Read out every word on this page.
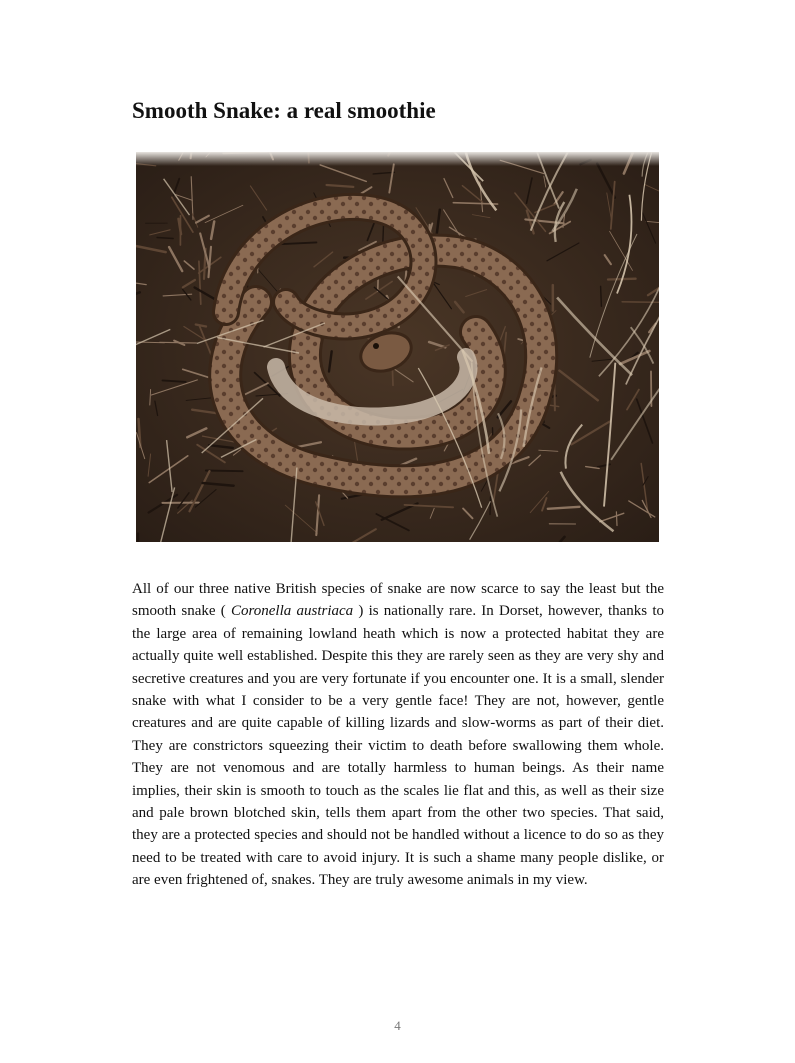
Smooth Snake: a real smoothie

All of our three native British species of snake are now scarce to say the least but the smooth snake ( Coronella austriaca ) is nationally rare. In Dorset, however, thanks to the large area of remaining lowland heath which is now a protected habitat they are actually quite well established. Despite this they are rarely seen as they are very shy and secretive creatures and you are very fortunate if you encounter one. It is a small, slender snake with what I consider to be a very gentle face! They are not, however, gentle creatures and are quite capable of killing lizards and slow-worms as part of their diet. They are constrictors squeezing their victim to death before swallowing them whole. They are not venomous and are totally harmless to human beings. As their name implies, their skin is smooth to touch as the scales lie flat and this, as well as their size and pale brown blotched skin, tells them apart from the other two species. That said, they are a protected species and should not be handled without a licence to do so as they need to be treated with care to avoid injury. It is such a shame many people dislike, or are even frightened of, snakes. They are truly awesome animals in my view.

4
